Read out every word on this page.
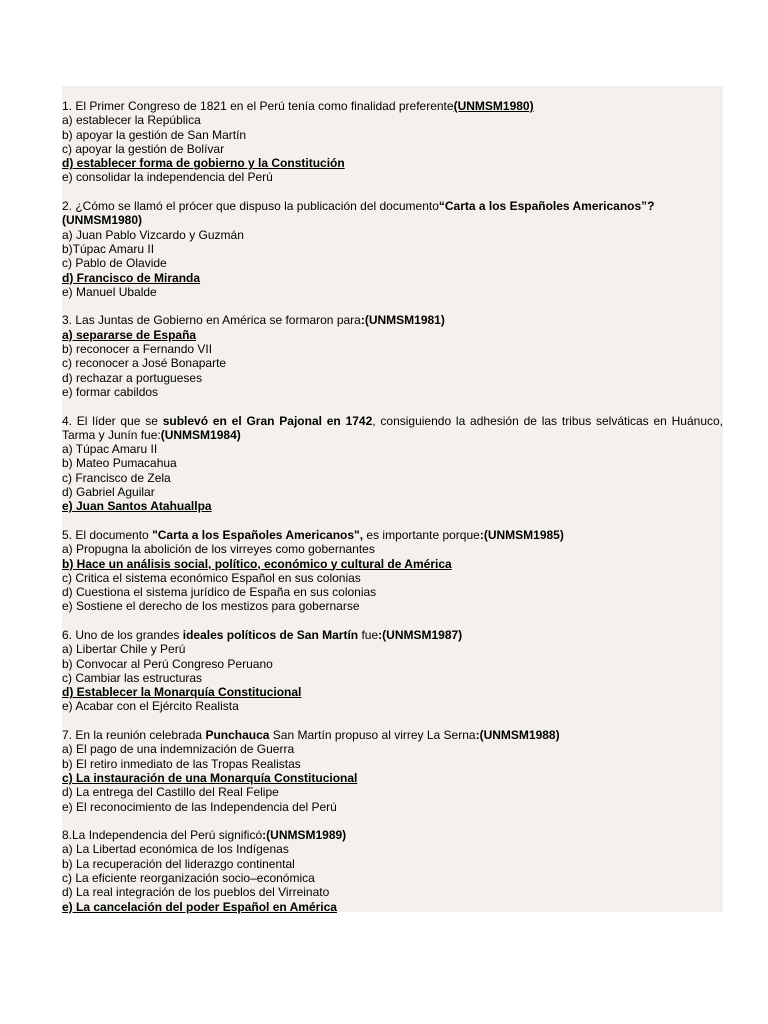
1. El Primer Congreso de 1821 en el Perú tenía como finalidad preferente(UNMSM1980)
a) establecer la República
b) apoyar la gestión de San Martín
c) apoyar la gestión de Bolívar
d) establecer forma de gobierno y la Constitución
e) consolidar la independencia del Perú
2. ¿Cómo se llamó el prócer que dispuso la publicación del documento“Carta a los Españoles Americanos”?
(UNMSM1980)
a) Juan Pablo Vizcardo y Guzmán
b)Túpac Amaru II
c) Pablo de Olavide
d) Francisco de Miranda
e) Manuel Ubalde
3. Las Juntas de Gobierno en América se formaron para:(UNMSM1981)
a) separarse de España
b) reconocer a Fernando VII
c) reconocer a José Bonaparte
d) rechazar a portugueses
e) formar cabildos
4. El líder que se sublevó en el Gran Pajonal en 1742, consiguiendo la adhesión de las tribus selváticas en Huánuco, Tarma y Junín fue:(UNMSM1984)
a) Túpac Amaru II
b) Mateo Pumacahua
c) Francisco de Zela
d) Gabriel Aguilar
e) Juan Santos Atahuallpa
5. El documento "Carta a los Españoles Americanos", es importante porque:(UNMSM1985)
a) Propugna la abolición de los virreyes como gobernantes
b) Hace un análisis social, político, económico y cultural de América
c) Critica el sistema económico Español en sus colonias
d) Cuestiona el sistema jurídico de España en sus colonias
e) Sostiene el derecho de los mestizos para gobernarse
6. Uno de los grandes ideales políticos de San Martín fue:(UNMSM1987)
a) Libertar Chile y Perú
b) Convocar al Perú Congreso Peruano
c) Cambiar las estructuras
d) Establecer la Monarquía Constitucional
e) Acabar con el Ejército Realista
7. En la reunión celebrada Punchauca San Martín propuso al virrey La Serna:(UNMSM1988)
a) El pago de una indemnización de Guerra
b) El retiro inmediato de las Tropas Realistas
c) La instauración de una Monarquía Constitucional
d) La entrega del Castillo del Real Felipe
e) El reconocimiento de las Independencia del Perú
8.La Independencia del Perú significó:(UNMSM1989)
a) La Libertad económica de los Indígenas
b) La recuperación del liderazgo continental
c) La eficiente reorganización socio–económica
d) La real integración de los pueblos del Virreinato
e) La cancelación del poder Español en América
